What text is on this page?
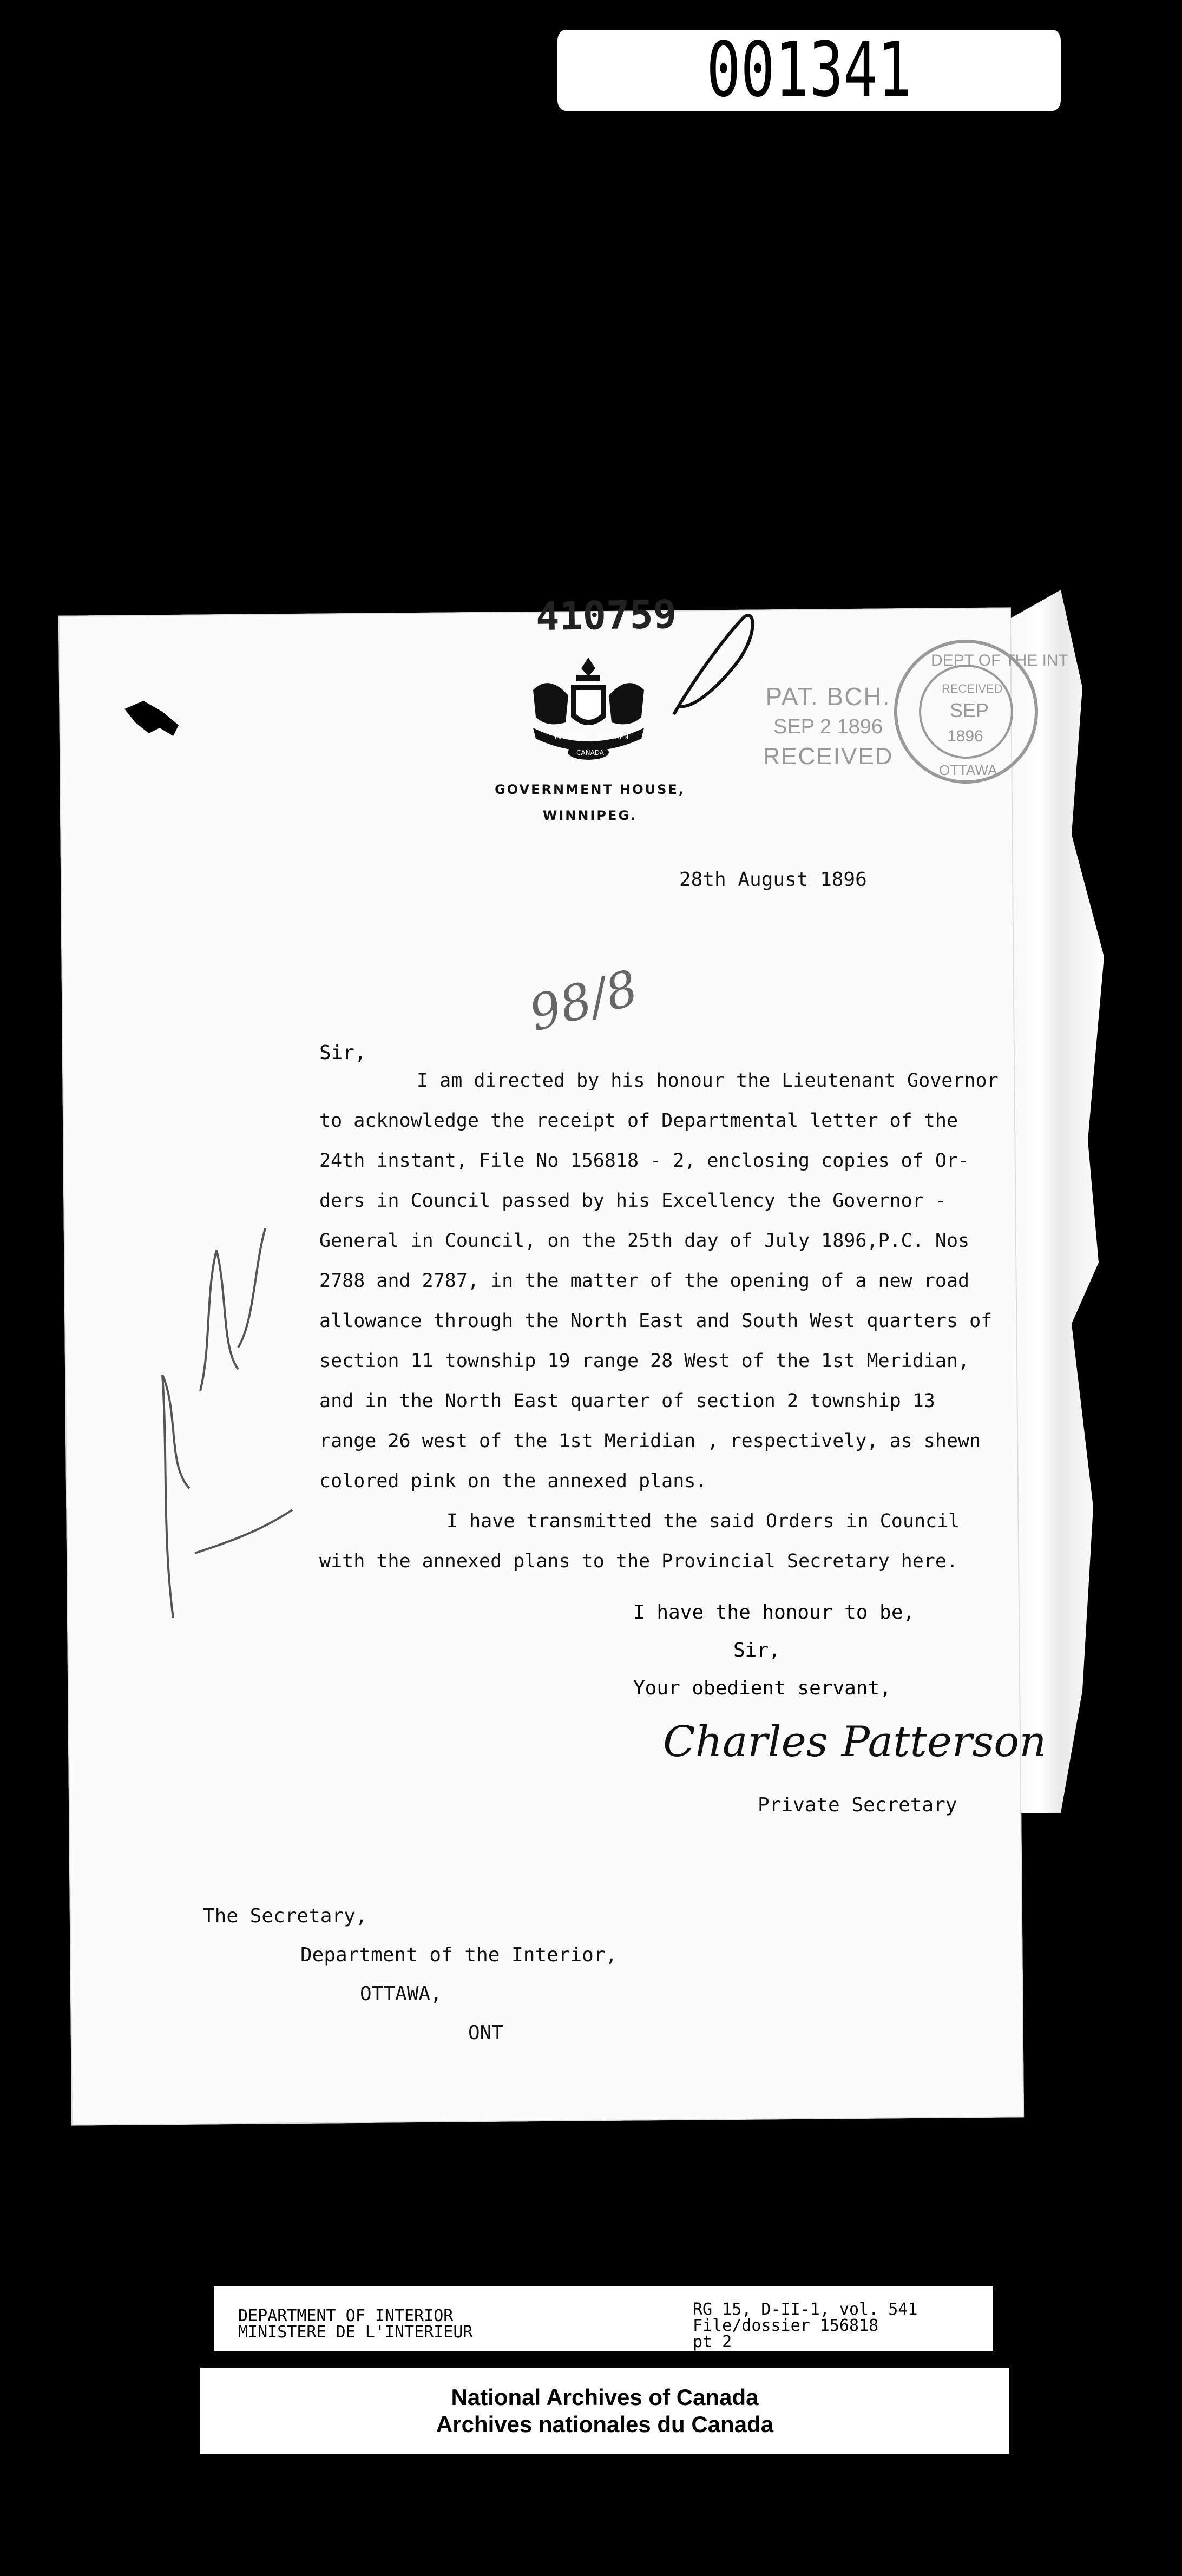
001341
410759
MANITOBA KEEWATIN
CANADA
GOVERNMENT HOUSE,
WINNIPEG.
PAT. BCH.
SEP 2 1896
RECEIVED
DEPT OF THE INT
RECEIVED
SEP
1896
OTTAWA
28th August 1896
98/8
Sir,
I am directed by his honour the Lieutenant Governor
to acknowledge the receipt of Departmental letter of the
24th instant, File No 156818 - 2, enclosing copies of Or-
ders in Council passed by his Excellency the Governor -
General in Council, on the 25th day of July 1896,P.C. Nos
2788 and 2787, in the matter of the opening of a new road
allowance through the North East and South West quarters of
section 11 township 19 range 28 West of the 1st Meridian,
and in the North East quarter of section 2 township 13
range 26 west of the 1st Meridian , respectively, as shewn
colored pink on the annexed plans.
I have transmitted the said Orders in Council
with the annexed plans to the Provincial Secretary here.
I have the honour to be,
Sir,
Your obedient servant,
Charles Patterson
Private Secretary
The Secretary,
Department of the Interior,
OTTAWA,
ONT
DEPARTMENT OF INTERIOR
MINISTERE DE L'INTERIEUR
RG 15, D-II-1, vol. 541
File/dossier 156818
pt 2
National Archives of Canada
Archives nationales du Canada
